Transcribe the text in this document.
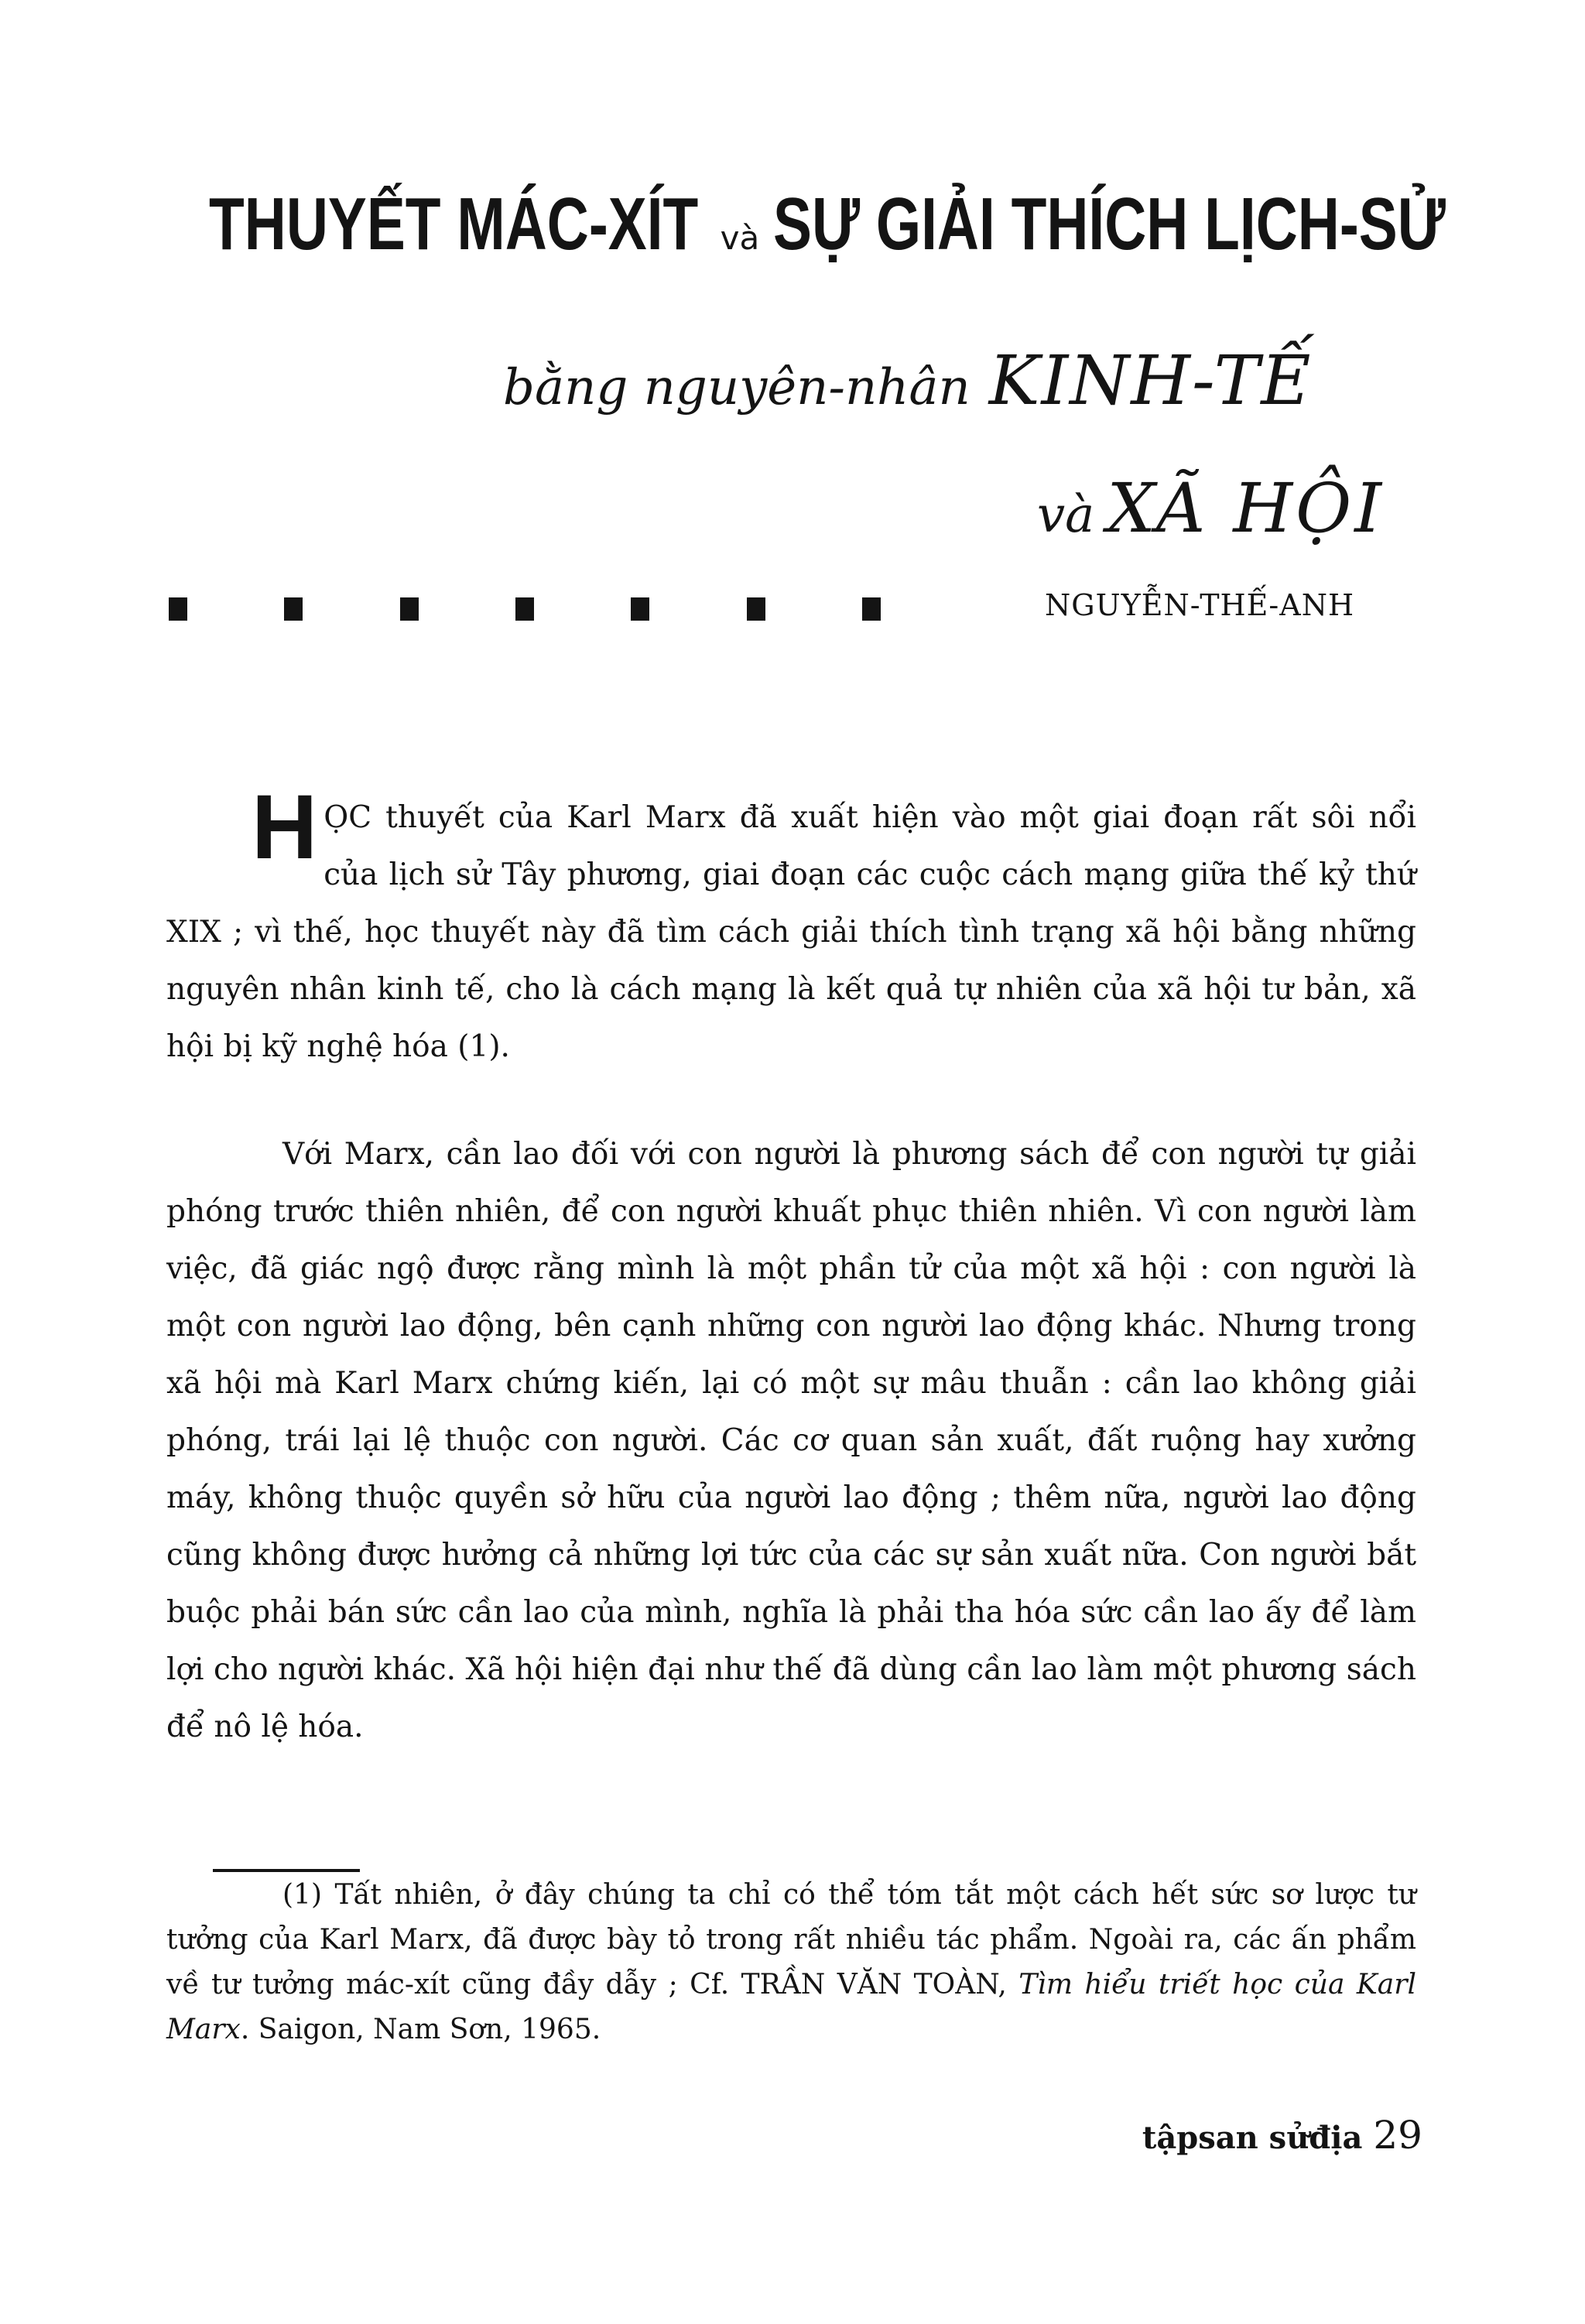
THUYẾT MÁC-XÍT và SỰ GIẢI THÍCH LỊCH-SỬ
bằng nguyên-nhân KINH-TẾ
và XÃ HỘI
NGUYỄN-THẾ-ANH
HỌC thuyết của Karl Marx đã xuất hiện vào một giai đoạn rất sôi nổi của lịch sử Tây phương, giai đoạn các cuộc cách mạng giữa thế kỷ thứ XIX ; vì thế, học thuyết này đã tìm cách giải thích tình trạng xã hội bằng những nguyên nhân kinh tế, cho là cách mạng là kết quả tự nhiên của xã hội tư bản, xã hội bị kỹ nghệ hóa (1).
Với Marx, cần lao đối với con người là phương sách để con người tự giải phóng trước thiên nhiên, để con người khuất phục thiên nhiên. Vì con người làm việc, đã giác ngộ được rằng mình là một phần tử của một xã hội : con người là một con người lao động, bên cạnh những con người lao động khác. Nhưng trong xã hội mà Karl Marx chứng kiến, lại có một sự mâu thuẫn : cần lao không giải phóng, trái lại lệ thuộc con người. Các cơ quan sản xuất, đất ruộng hay xưởng máy, không thuộc quyền sở hữu của người lao động ; thêm nữa, người lao động cũng không được hưởng cả những lợi tức của các sự sản xuất nữa. Con người bắt buộc phải bán sức cần lao của mình, nghĩa là phải tha hóa sức cần lao ấy để làm lợi cho người khác. Xã hội hiện đại như thế đã dùng cần lao làm một phương sách để nô lệ hóa.
(1) Tất nhiên, ở đây chúng ta chỉ có thể tóm tắt một cách hết sức sơ lược tư tưởng của Karl Marx, đã được bày tỏ trong rất nhiều tác phẩm. Ngoài ra, các ấn phẩm về tư tưởng mác-xít cũng đầy dẫy ; Cf. TRẦN VĂN TOÀN, Tìm hiểu triết học của Karl Marx. Saigon, Nam Sơn, 1965.
tậpsan sửđịa 29
